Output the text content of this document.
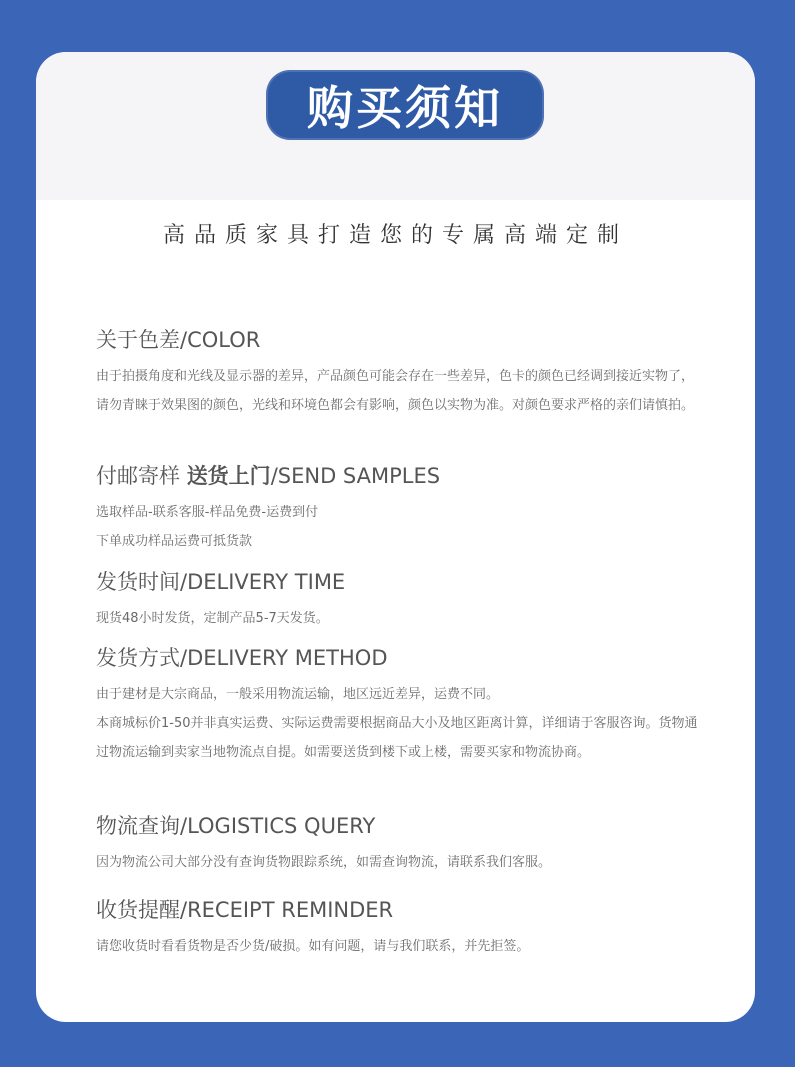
购买须知
高品质家具打造您的专属高端定制
关于色差/COLOR

由于拍摄角度和光线及显示器的差异，产品颜色可能会存在一些差异，色卡的颜色已经调到接近实物了，请勿青睐于效果图的颜色，光线和环境色都会有影响，颜色以实物为准。对颜色要求严格的亲们请慎拍。

付邮寄样 送货上门/SEND SAMPLES

选取样品-联系客服-样品免费-运费到付

下单成功样品运费可抵货款

发货时间/DELIVERY TIME

现货48小时发货，定制产品5-7天发货。

发货方式/DELIVERY METHOD

由于建材是大宗商品，一般采用物流运输，地区远近差异，运费不同。

本商城标价1-50并非真实运费、实际运费需要根据商品大小及地区距离计算，详细请于客服咨询。货物通过物流运输到卖家当地物流点自提。如需要送货到楼下或上楼，需要买家和物流协商。

物流查询/LOGISTICS QUERY

因为物流公司大部分没有查询货物跟踪系统，如需查询物流，请联系我们客服。

收货提醒/RECEIPT REMINDER

请您收货时看看货物是否少货/破损。如有问题，请与我们联系，并先拒签。
